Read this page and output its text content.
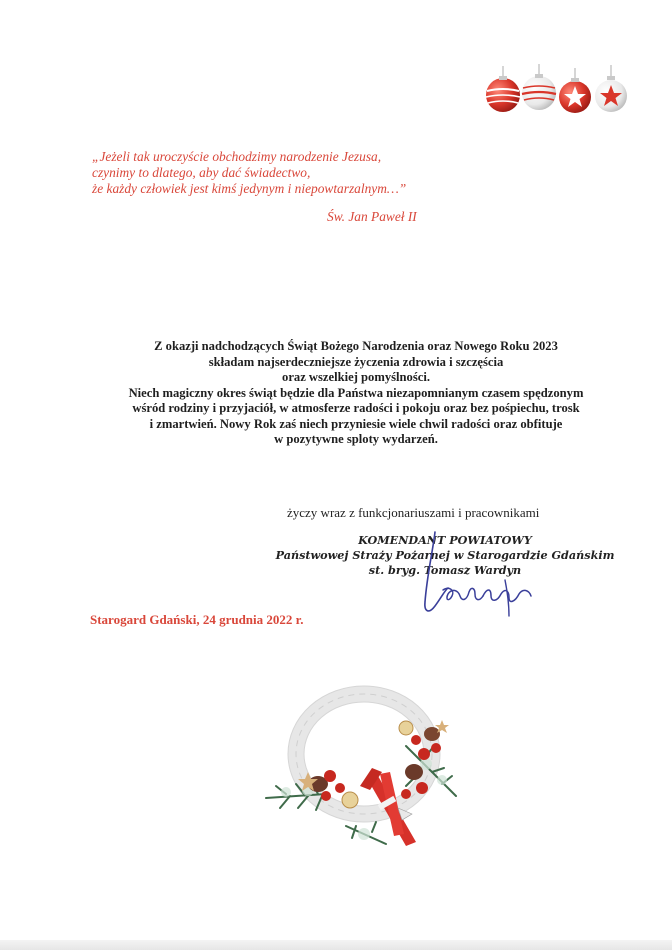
„Jeżeli tak uroczyście obchodzimy narodzenie Jezusa,
czynimy to dlatego, aby dać świadectwo,
że każdy człowiek jest kimś jedynym i niepowtarzalnym…”
Św. Jan Paweł II
Z okazji nadchodzących Świąt Bożego Narodzenia oraz Nowego Roku 2023
składam najserdeczniejsze życzenia zdrowia i szczęścia
oraz wszelkiej pomyślności.
Niech magiczny okres świąt będzie dla Państwa niezapomnianym czasem spędzonym
wśród rodziny i przyjaciół, w atmosferze radości i pokoju oraz bez pośpiechu, trosk
i zmartwień. Nowy Rok zaś niech przyniesie wiele chwil radości oraz obfituje
w pozytywne sploty wydarzeń.
życzy wraz z funkcjonariuszami i pracownikami
KOMENDANT POWIATOWY
Państwowej Straży Pożarnej w Starogardzie Gdańskim
st. bryg. Tomasz Wardyn
Starogard Gdański, 24 grudnia 2022 r.
